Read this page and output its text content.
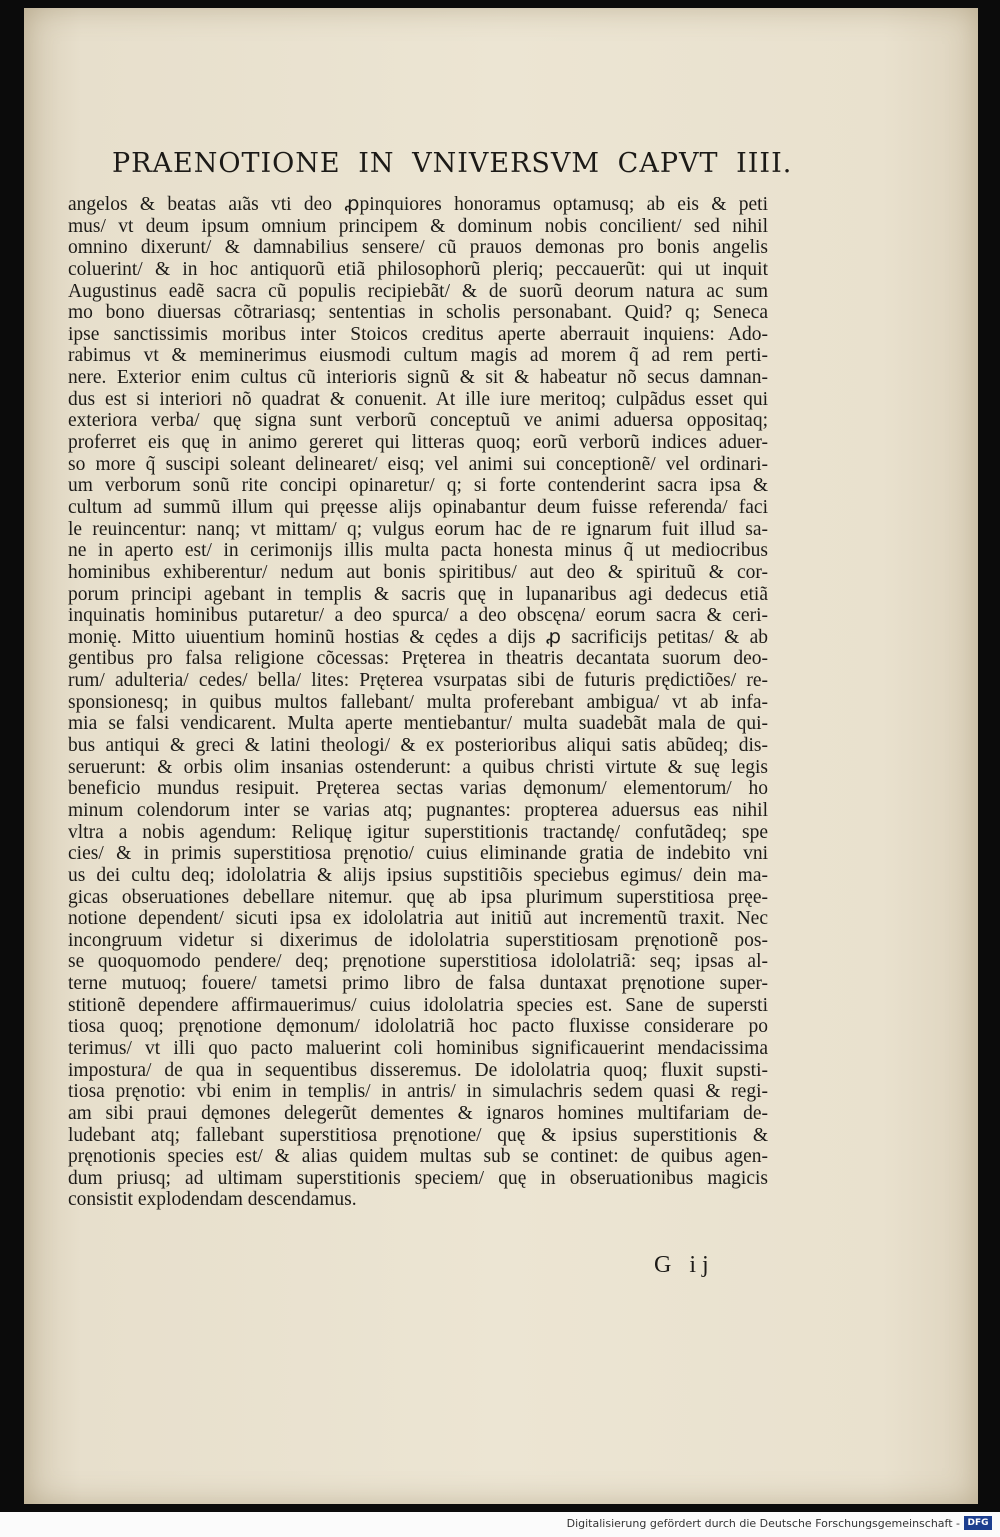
PRAENOTIONE IN VNIVERSVM CAPVT IIII.
angelos & beatas aı̃as vti deo ꝓpinquiores honoramus optamusq; ab eis & peti
mus/ vt deum ipsum omnium principem & dominum nobis concilient/ sed nihil
omnino dixerunt/ & damnabilius sensere/ cũ prauos demonas pro bonis angelis
coluerint/ & in hoc antiquorũ etiã philosophorũ pleriq; peccauerũt: qui ut inquit
Augustinus eadẽ sacra cũ populis recipiebãt/ & de suorũ deorum natura ac sum
mo bono diuersas cõtrariasq; sententias in scholis personabant. Quid? q; Seneca
ipse sanctissimis moribus inter Stoicos creditus aperte aberrauit inquiens: Ado-
rabimus vt & meminerimus eiusmodi cultum magis ad morem q̃ ad rem perti-
nere. Exterior enim cultus cũ interioris signũ & sit & habeatur nõ secus damnan-
dus est si interiori nõ quadrat & conuenit. At ille iure meritoq; culpãdus esset qui
exteriora verba/ quę signa sunt verborũ conceptuũ ve animi aduersa oppositaq;
proferret eis quę in animo gereret qui litteras quoq; eorũ verborũ indices aduer-
so more q̃ suscipi soleant delinearet/ eisq; vel animi sui conceptionẽ/ vel ordinari-
um verborum sonũ rite concipi opinaretur/ q; si forte contenderint sacra ipsa &
cultum ad summũ illum qui pręesse alijs opinabantur deum fuisse referenda/ faci
le reuincentur: nanq; vt mittam/ q; vulgus eorum hac de re ignarum fuit illud sa-
ne in aperto est/ in cerimonijs illis multa pacta honesta minus q̃ ut mediocribus
hominibus exhiberentur/ nedum aut bonis spiritibus/ aut deo & spirituũ & cor-
porum principi agebant in templis & sacris quę in lupanaribus agi dedecus etiã
inquinatis hominibus putaretur/ a deo spurca/ a deo obscęna/ eorum sacra & ceri-
monię. Mitto uiuentium hominũ hostias & cędes a dijs ꝓ sacrificijs petitas/ & ab
gentibus pro falsa religione cõcessas: Pręterea in theatris decantata suorum deo-
rum/ adulteria/ cedes/ bella/ lites: Pręterea vsurpatas sibi de futuris prędictiões/ re-
sponsionesq; in quibus multos fallebant/ multa proferebant ambigua/ vt ab infa-
mia se falsi vendicarent. Multa aperte mentiebantur/ multa suadebãt mala de qui-
bus antiqui & greci & latini theologi/ & ex posterioribus aliqui satis abũdeq; dis-
seruerunt: & orbis olim insanias ostenderunt: a quibus christi virtute & suę legis
beneficio mundus resipuit. Pręterea sectas varias dęmonum/ elementorum/ ho
minum colendorum inter se varias atq; pugnantes: propterea aduersus eas nihil
vltra a nobis agendum: Reliquę igitur superstitionis tractandę/ confutãdeq; spe
cies/ & in primis superstitiosa pręnotio/ cuius eliminande gratia de indebito vni
us dei cultu deq; idololatria & alijs ipsius supstitiõis speciebus egimus/ dein ma-
gicas obseruationes debellare nitemur. quę ab ipsa plurimum superstitiosa pręe-
notione dependent/ sicuti ipsa ex idololatria aut initiũ aut incrementũ traxit. Nec
incongruum videtur si dixerimus de idololatria superstitiosam pręnotionẽ pos-
se quoquomodo pendere/ deq; pręnotione superstitiosa idololatriã: seq; ipsas al-
terne mutuoq; fouere/ tametsi primo libro de falsa duntaxat pręnotione super-
stitionẽ dependere affirmauerimus/ cuius idololatria species est. Sane de supersti
tiosa quoq; pręnotione dęmonum/ idololatriã hoc pacto fluxisse considerare po
terimus/ vt illi quo pacto maluerint coli hominibus significauerint mendacissima
impostura/ de qua in sequentibus disseremus. De idololatria quoq; fluxit supsti-
tiosa pręnotio: vbi enim in templis/ in antris/ in simulachris sedem quasi & regi-
am sibi praui dęmones delegerũt dementes & ignaros homines multifariam de-
ludebant atq; fallebant superstitiosa pręnotione/ quę & ipsius superstitionis &
pręnotionis species est/ & alias quidem multas sub se continet: de quibus agen-
dum priusq; ad ultimam superstitionis speciem/ quę in obseruationibus magicis
consistit explodendam descendamus.
G ij
Digitalisierung gefördert durch die Deutsche Forschungsgemeinschaft - DFG
